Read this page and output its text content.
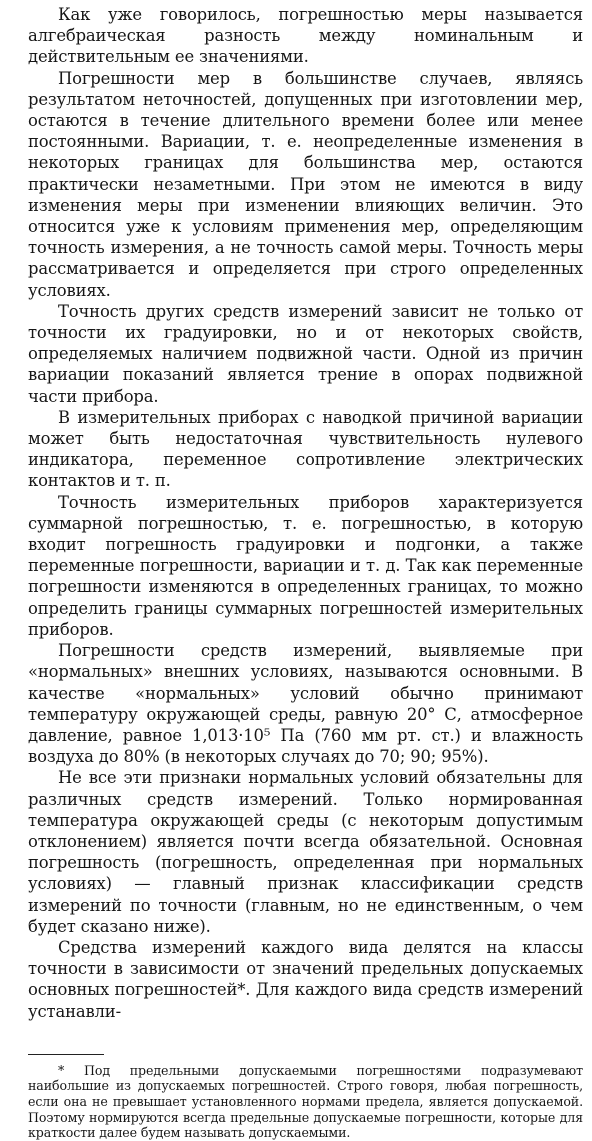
Как уже говорилось, погрешностью меры называется алгебраическая разность между номинальным и действительным ее значениями.

Погрешности мер в большинстве случаев, являясь результатом неточностей, допущенных при изготовлении мер, остаются в течение длительного времени более или менее постоянными. Вариации, т. е. неопределенные изменения в некоторых границах для большинства мер, остаются практически незаметными. При этом не имеются в виду изменения меры при изменении влияющих величин. Это относится уже к условиям применения мер, определяющим точность измерения, а не точность самой меры. Точность меры рассматривается и определяется при строго определенных условиях.

Точность других средств измерений зависит не только от точности их градуировки, но и от некоторых свойств, определяемых наличием подвижной части. Одной из причин вариации показаний является трение в опорах подвижной части прибора.

В измерительных приборах с наводкой причиной вариации может быть недостаточная чувствительность нулевого индикатора, переменное сопротивление электрических контактов и т. п.

Точность измерительных приборов характеризуется суммарной погрешностью, т. е. погрешностью, в которую входит погрешность градуировки и подгонки, а также переменные погрешности, вариации и т. д. Так как переменные погрешности изменяются в определенных границах, то можно определить границы суммарных погрешностей измерительных приборов.

Погрешности средств измерений, выявляемые при «нормальных» внешних условиях, называются основными. В качестве «нормальных» условий обычно принимают температуру окружающей среды, равную 20° С, атмосферное давление, равное 1,013·10⁵ Па (760 мм рт. ст.) и влажность воздуха до 80% (в некоторых случаях до 70; 90; 95%).

Не все эти признаки нормальных условий обязательны для различных средств измерений. Только нормированная температура окружающей среды (с некоторым допустимым отклонением) является почти всегда обязательной. Основная погрешность (погрешность, определенная при нормальных условиях) — главный признак классификации средств измерений по точности (главным, но не единственным, о чем будет сказано ниже).

Средства измерений каждого вида делятся на классы точности в зависимости от значений предельных допускаемых основных погрешностей*. Для каждого вида средств измерений устанавли-

* Под предельными допускаемыми погрешностями подразумевают наибольшие из допускаемых погрешностей. Строго говоря, любая погрешность, если она не превышает установленного нормами предела, является допускаемой. Поэтому нормируются всегда предельные допускаемые погрешности, которые для краткости далее будем называть допускаемыми.
